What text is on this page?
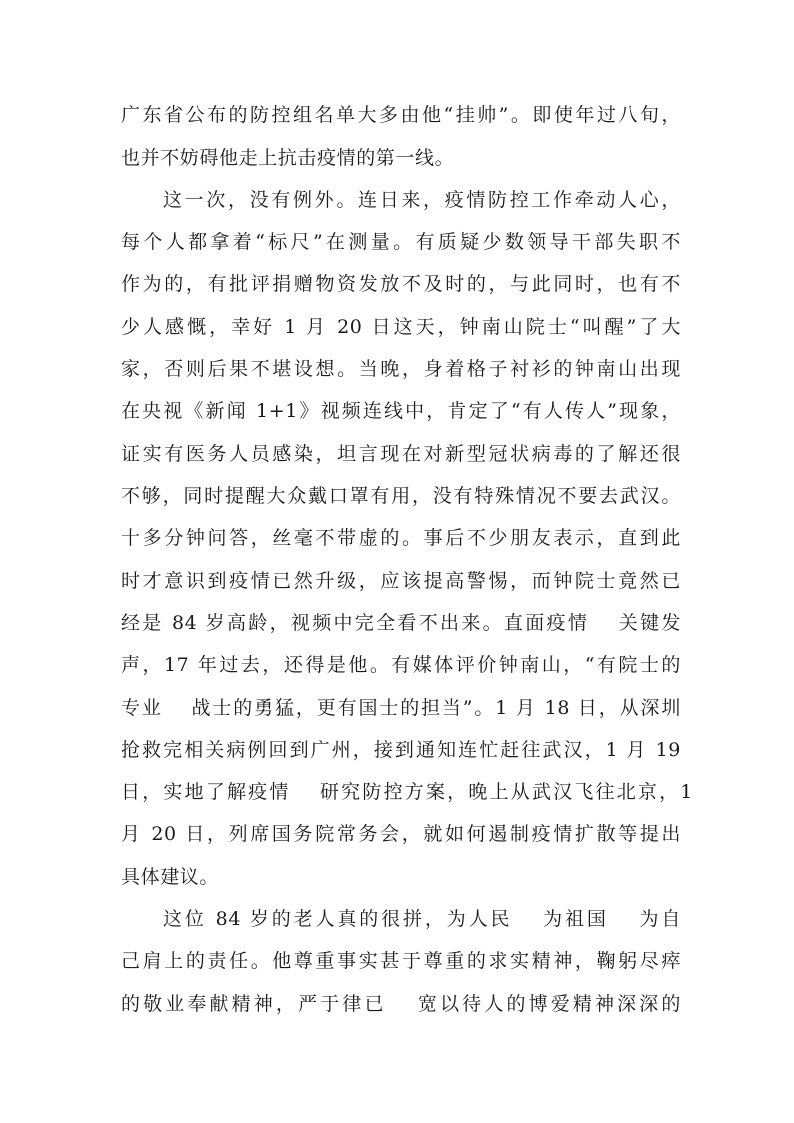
广东省公布的防控组名单大多由他“挂帅”。即使年过八旬，
也并不妨碍他走上抗击疫情的第一线。
这一次，没有例外。连日来，疫情防控工作牵动人心，
每个人都拿着“标尺”在测量。有质疑少数领导干部失职不
作为的，有批评捐赠物资发放不及时的，与此同时，也有不
少人感慨，幸好 1 月 20 日这天，钟南山院士“叫醒”了大
家，否则后果不堪设想。当晚，身着格子衬衫的钟南山出现
在央视《新闻 1+1》视频连线中，肯定了“有人传人”现象，
证实有医务人员感染，坦言现在对新型冠状病毒的了解还很
不够，同时提醒大众戴口罩有用，没有特殊情况不要去武汉。
十多分钟问答，丝毫不带虚的。事后不少朋友表示，直到此
时才意识到疫情已然升级，应该提高警惕，而钟院士竟然已
经是 84 岁高龄，视频中完全看不出来。直面疫情　 关键发
声，17 年过去，还得是他。有媒体评价钟南山，“有院士的
专业　 战士的勇猛，更有国士的担当”。1 月 18 日，从深圳
抢救完相关病例回到广州，接到通知连忙赶往武汉，1 月 19
日，实地了解疫情　 研究防控方案，晚上从武汉飞往北京，1
月 20 日，列席国务院常务会，就如何遏制疫情扩散等提出
具体建议。
这位 84 岁的老人真的很拼，为人民　 为祖国　 为自
己肩上的责任。他尊重事实甚于尊重的求实精神，鞠躬尽瘁
的敬业奉献精神，严于律已　 宽以待人的博爱精神深深的
